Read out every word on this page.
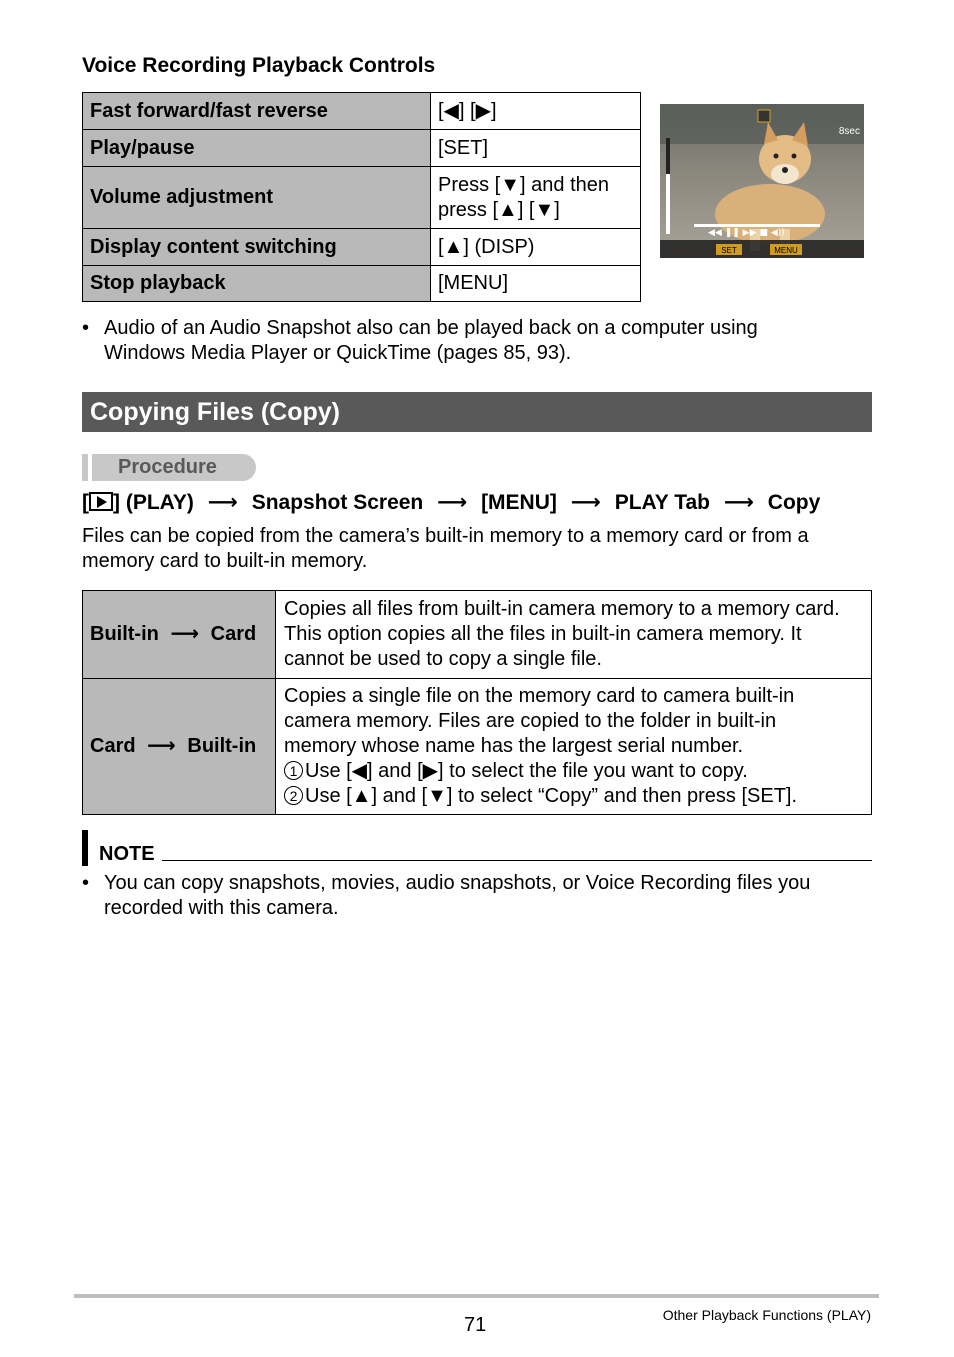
Voice Recording Playback Controls
Fast forward/fast reverse	[◀] [▶]
Play/pause	[SET]
Volume adjustment	Press [▼] and then
press [▲] [▼]

Display content switching	[▲] (DISP)
Stop playback	[MENU]
8sec
◀◀ ❚❚ ▶▶ ■ ◀))
SET	MENU
• Audio of an Audio Snapshot also can be played back on a computer using
Windows Media Player or QuickTime (pages 85, 93).
Copying Files (Copy)
Procedure
[ ] (PLAY) ⟶ Snapshot Screen ⟶ [MENU] ⟶ PLAY Tab ⟶ Copy
Files can be copied from the camera’s built-in memory to a memory card or from a
memory card to built-in memory.
Built-in ⟶ Card	Copies all files from built-in camera memory to a memory card.
This option copies all the files in built-in camera memory. It
cannot be used to copy a single file.

Card ⟶ Built-in	Copies a single file on the memory card to camera built-in
camera memory. Files are copied to the folder in built-in
memory whose name has the largest serial number.
1 Use [◀] and [▶] to select the file you want to copy.
2 Use [▲] and [▼] to select “Copy” and then press [SET].
NOTE
• You can copy snapshots, movies, audio snapshots, or Voice Recording files you
recorded with this camera.
71	Other Playback Functions (PLAY)
